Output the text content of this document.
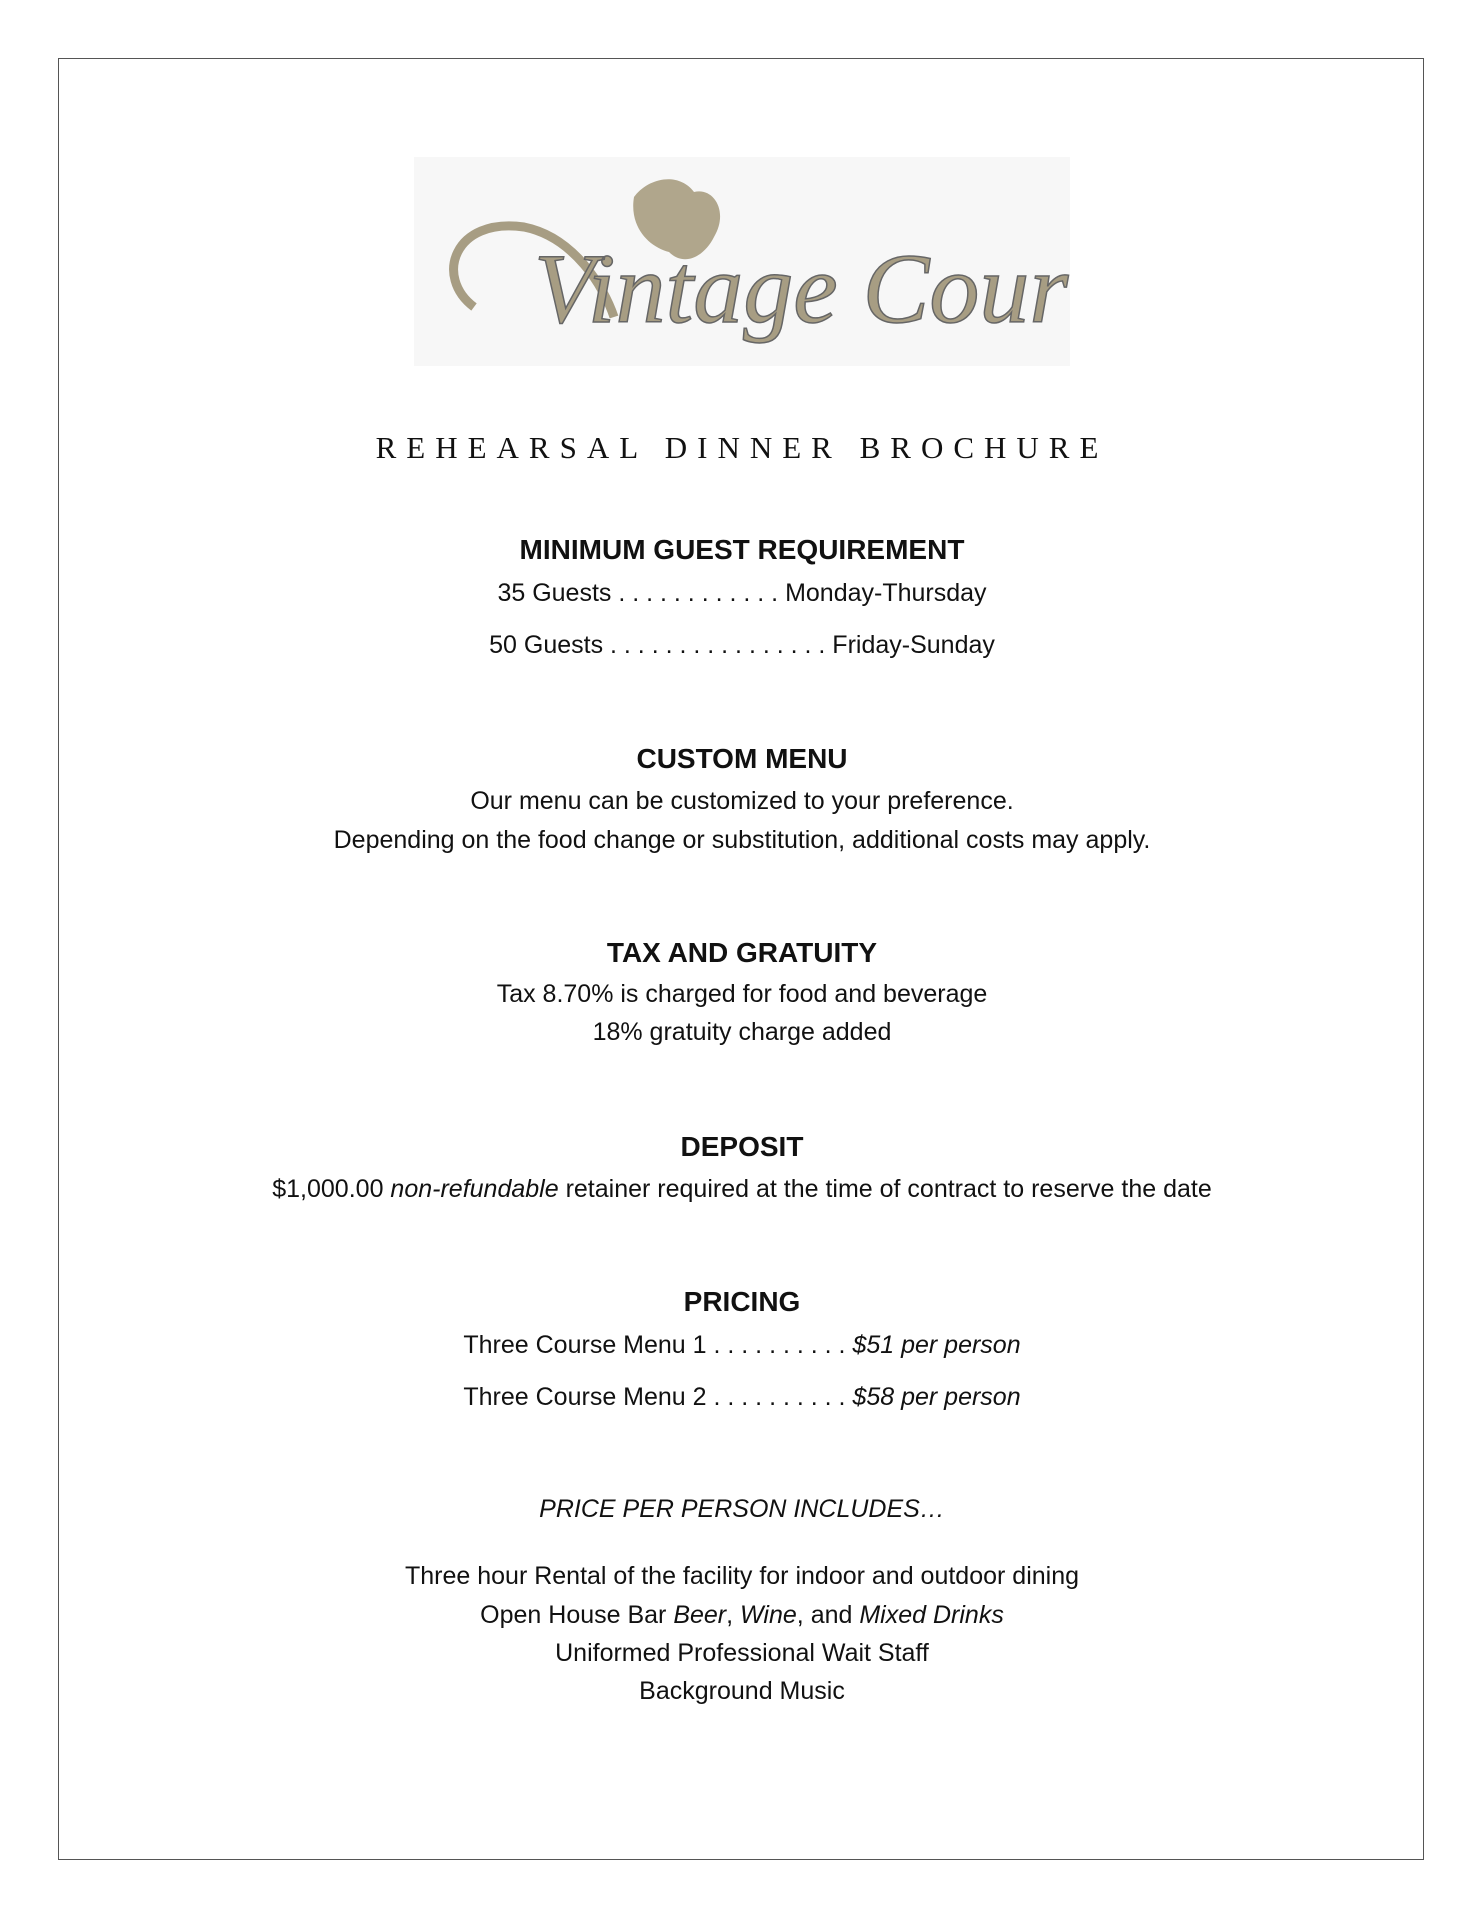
Vintage Court
REHEARSAL DINNER BROCHURE
MINIMUM GUEST REQUIREMENT
35 Guests . . . . . . . . . . . . Monday-Thursday
50 Guests . . . . . . . . . . . . . . . . Friday-Sunday
CUSTOM MENU
Our menu can be customized to your preference.
Depending on the food change or substitution, additional costs may apply.
TAX AND GRATUITY
Tax 8.70% is charged for food and beverage
18% gratuity charge added
DEPOSIT
$1,000.00 non-refundable retainer required at the time of contract to reserve the date
PRICING
Three Course Menu 1 . . . . . . . . . . $51 per person
Three Course Menu 2 . . . . . . . . . . $58 per person
PRICE PER PERSON INCLUDES…
Three hour Rental of the facility for indoor and outdoor dining
Open House Bar Beer, Wine, and Mixed Drinks
Uniformed Professional Wait Staff
Background Music
